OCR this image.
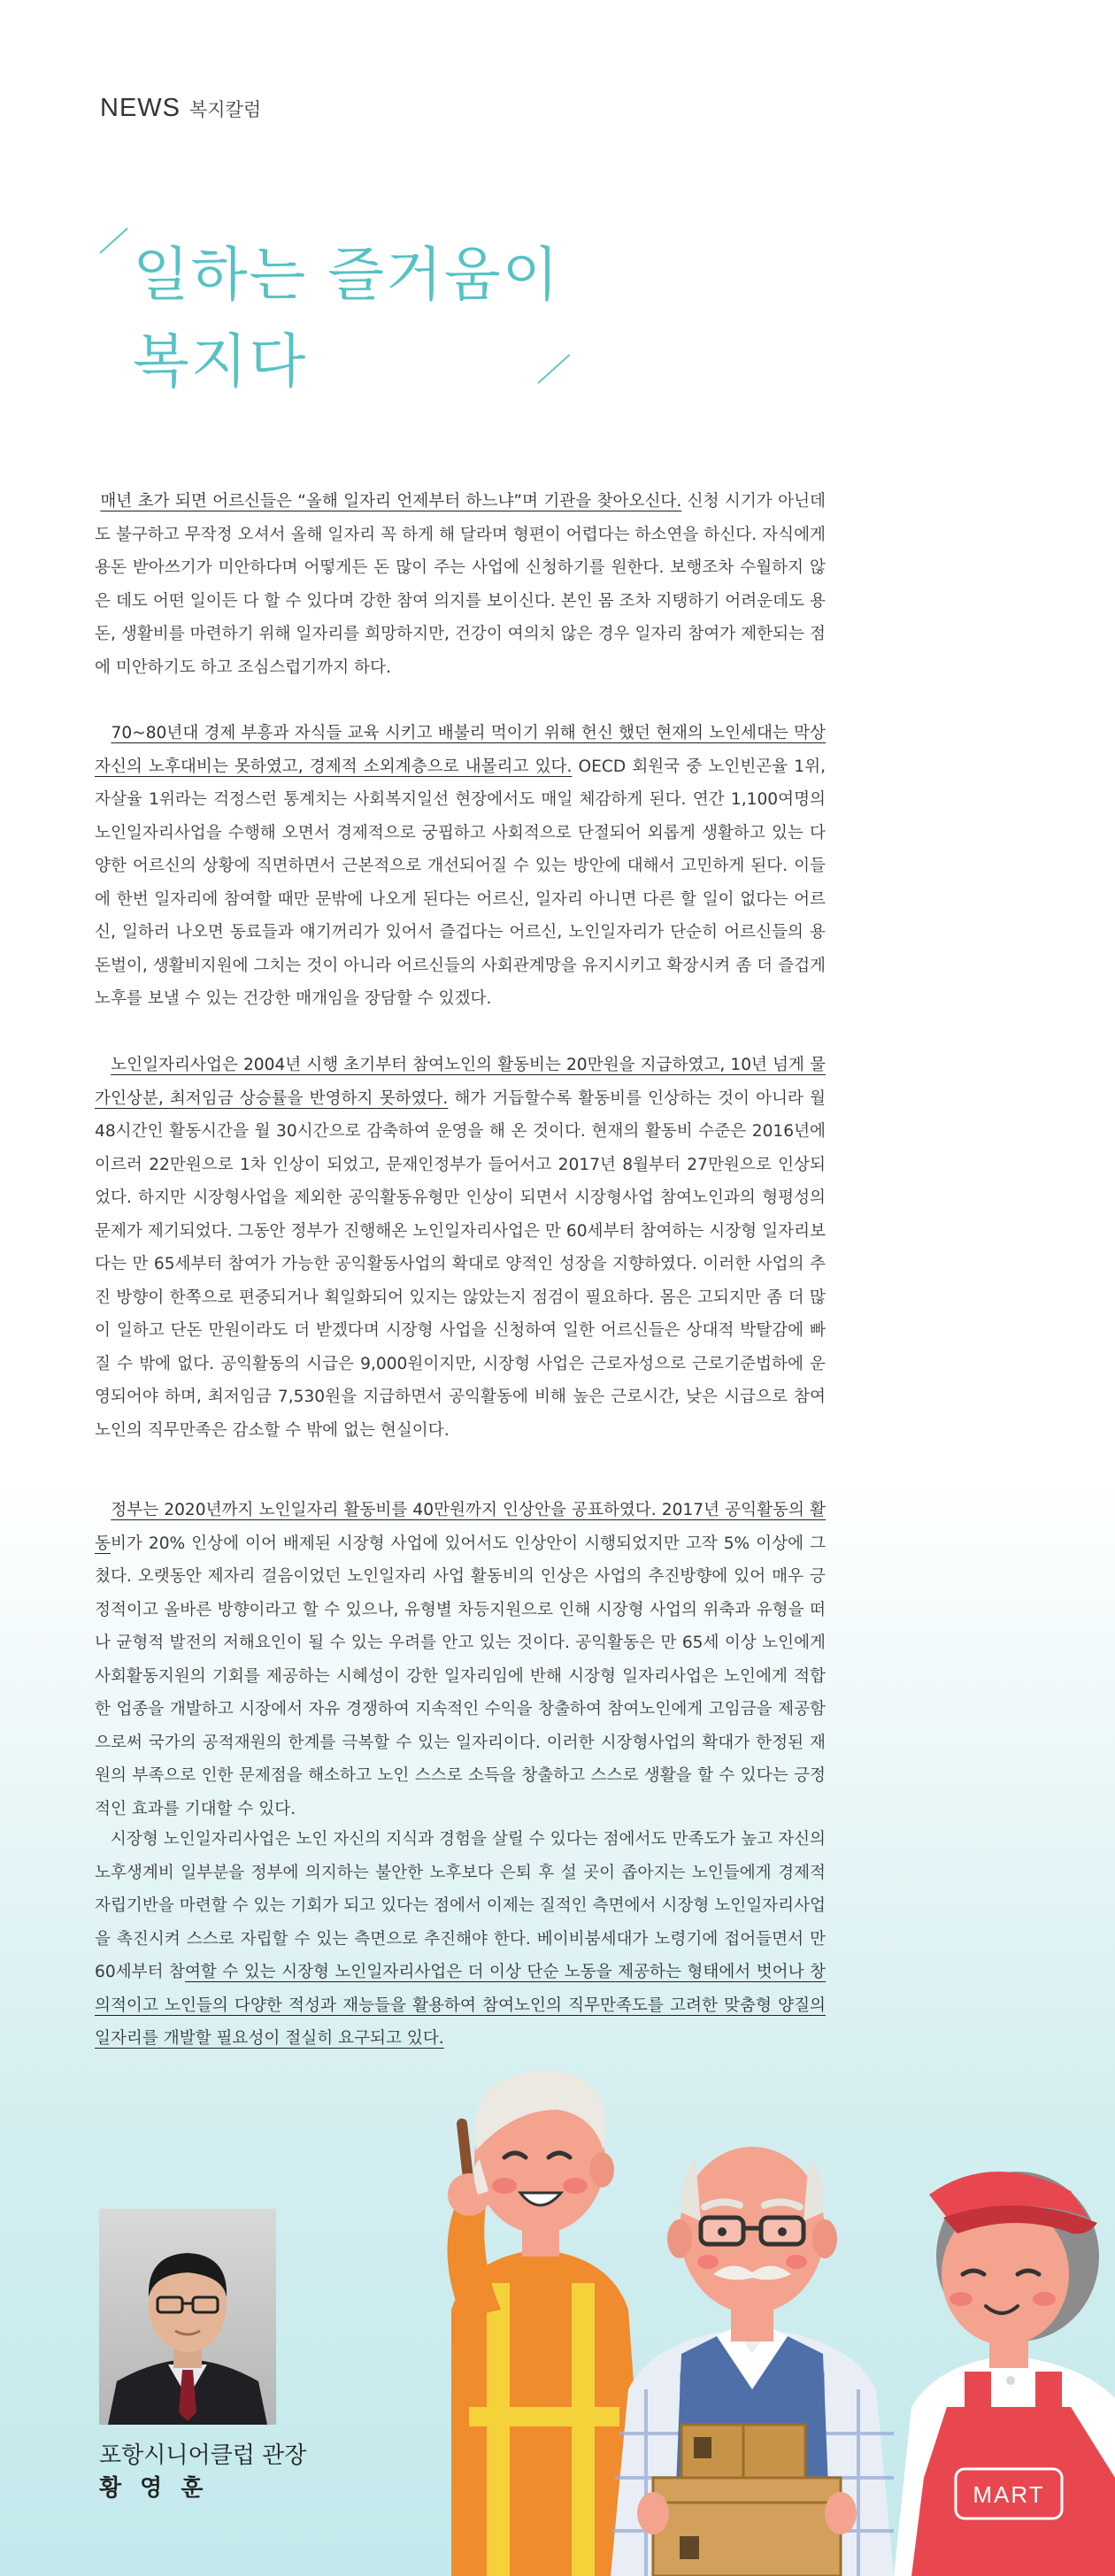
NEWS 복지칼럼
일하는 즐거움이
복지다

매년 초가 되면 어르신들은 “올해 일자리 언제부터 하느냐”며 기관을 찾아오신다. 신청 시기가 아닌데도 불구하고 무작정 오셔서 올해 일자리 꼭 하게 해 달라며 형편이 어렵다는 하소연을 하신다. 자식에게 용돈 받아쓰기가 미안하다며 어떻게든 돈 많이 주는 사업에 신청하기를 원한다. 보행조차 수월하지 않은 데도 어떤 일이든 다 할 수 있다며 강한 참여 의지를 보이신다. 본인 몸 조차 지탱하기 어려운데도 용돈, 생활비를 마련하기 위해 일자리를 희망하지만, 건강이 여의치 않은 경우 일자리 참여가 제한되는 점에 미안하기도 하고 조심스럽기까지 하다.

70~80년대 경제 부흥과 자식들 교육 시키고 배불리 먹이기 위해 헌신 했던 현재의 노인세대는 막상 자신의 노후대비는 못하였고, 경제적 소외계층으로 내몰리고 있다. OECD 회원국 중 노인빈곤율 1위, 자살율 1위라는 걱정스런 통계치는 사회복지일선 현장에서도 매일 체감하게 된다. 연간 1,100여명의 노인일자리사업을 수행해 오면서 경제적으로 궁핍하고 사회적으로 단절되어 외롭게 생활하고 있는 다양한 어르신의 상황에 직면하면서 근본적으로 개선되어질 수 있는 방안에 대해서 고민하게 된다. 이들에 한번 일자리에 참여할 때만 문밖에 나오게 된다는 어르신, 일자리 아니면 다른 할 일이 없다는 어르신, 일하러 나오면 동료들과 얘기꺼리가 있어서 즐겁다는 어르신, 노인일자리가 단순히 어르신들의 용돈벌이, 생활비지원에 그치는 것이 아니라 어르신들의 사회관계망을 유지시키고 확장시켜 좀 더 즐겁게 노후를 보낼 수 있는 건강한 매개임을 장담할 수 있겠다.

노인일자리사업은 2004년 시행 초기부터 참여노인의 활동비는 20만원을 지급하였고, 10년 넘게 물가인상분, 최저임금 상승률을 반영하지 못하였다. 해가 거듭할수록 활동비를 인상하는 것이 아니라 월 48시간인 활동시간을 월 30시간으로 감축하여 운영을 해 온 것이다. 현재의 활동비 수준은 2016년에 이르러 22만원으로 1차 인상이 되었고, 문재인정부가 들어서고 2017년 8월부터 27만원으로 인상되었다. 하지만 시장형사업을 제외한 공익활동유형만 인상이 되면서 시장형사업 참여노인과의 형평성의 문제가 제기되었다. 그동안 정부가 진행해온 노인일자리사업은 만 60세부터 참여하는 시장형 일자리보다는 만 65세부터 참여가 가능한 공익활동사업의 확대로 양적인 성장을 지향하였다. 이러한 사업의 추진 방향이 한쪽으로 편중되거나 획일화되어 있지는 않았는지 점검이 필요하다. 몸은 고되지만 좀 더 많이 일하고 단돈 만원이라도 더 받겠다며 시장형 사업을 신청하여 일한 어르신들은 상대적 박탈감에 빠질 수 밖에 없다. 공익활동의 시급은 9,000원이지만, 시장형 사업은 근로자성으로 근로기준법하에 운영되어야 하며, 최저임금 7,530원을 지급하면서 공익활동에 비해 높은 근로시간, 낮은 시급으로 참여노인의 직무만족은 감소할 수 밖에 없는 현실이다.

정부는 2020년까지 노인일자리 활동비를 40만원까지 인상안을 공표하였다. 2017년 공익활동의 활동비가 20% 인상에 이어 배제된 시장형 사업에 있어서도 인상안이 시행되었지만 고작 5% 이상에 그쳤다. 오랫동안 제자리 걸음이었던 노인일자리 사업 활동비의 인상은 사업의 추진방향에 있어 매우 긍정적이고 올바른 방향이라고 할 수 있으나, 유형별 차등지원으로 인해 시장형 사업의 위축과 유형을 떠나 균형적 발전의 저해요인이 될 수 있는 우려를 안고 있는 것이다. 공익활동은 만 65세 이상 노인에게 사회활동지원의 기회를 제공하는 시혜성이 강한 일자리임에 반해 시장형 일자리사업은 노인에게 적합한 업종을 개발하고 시장에서 자유 경쟁하여 지속적인 수익을 창출하여 참여노인에게 고임금을 제공함으로써 국가의 공적재원의 한계를 극복할 수 있는 일자리이다. 이러한 시장형사업의 확대가 한정된 재원의 부족으로 인한 문제점을 해소하고 노인 스스로 소득을 창출하고 스스로 생활을 할 수 있다는 긍정적인 효과를 기대할 수 있다.

시장형 노인일자리사업은 노인 자신의 지식과 경험을 살릴 수 있다는 점에서도 만족도가 높고 자신의 노후생계비 일부분을 정부에 의지하는 불안한 노후보다 은퇴 후 설 곳이 좁아지는 노인들에게 경제적 자립기반을 마련할 수 있는 기회가 되고 있다는 점에서 이제는 질적인 측면에서 시장형 노인일자리사업을 촉진시켜 스스로 자립할 수 있는 측면으로 추진해야 한다. 베이비붐세대가 노령기에 접어들면서 만 60세부터 참여할 수 있는 시장형 노인일자리사업은 더 이상 단순 노동을 제공하는 형태에서 벗어나 창의적이고 노인들의 다양한 적성과 재능들을 활용하여 참여노인의 직무만족도를 고려한 맞춤형 양질의 일자리를 개발할 필요성이 절실히 요구되고 있다.

포항시니어클럽 관장
황 영 훈	MART
